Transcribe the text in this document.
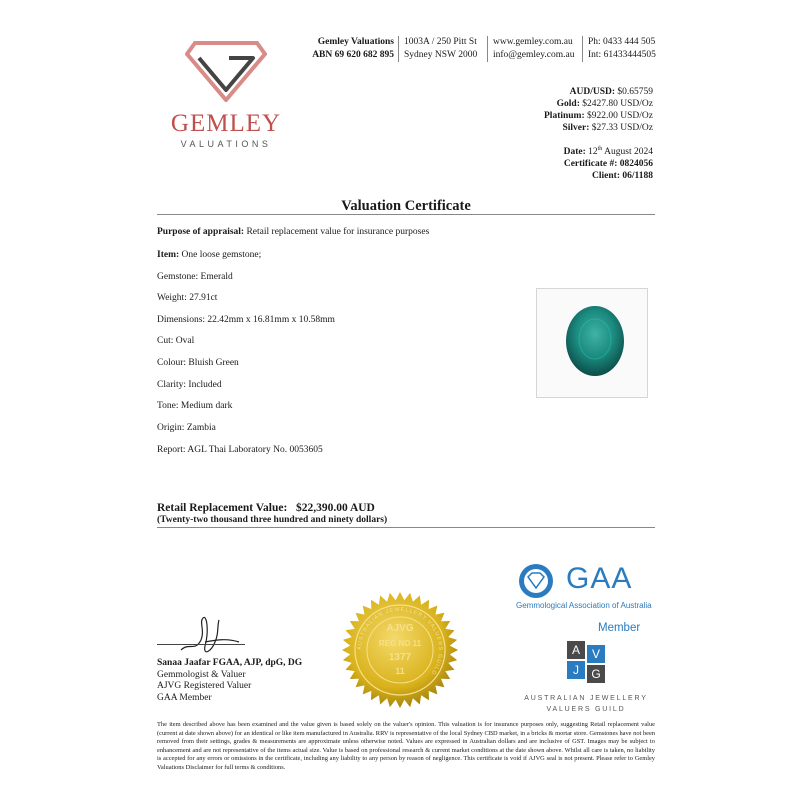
GEMLEY
VALUATIONS
Gemley Valuations
ABN 69 620 682 895
1003A / 250 Pitt St
Sydney NSW 2000
www.gemley.com.au
info@gemley.com.au
Ph: 0433 444 505
Int: 61433444505
AUD/USD: $0.65759
Gold: $2427.80 USD/Oz
Platinum: $922.00 USD/Oz
Silver: $27.33 USD/Oz
Date: 12th August 2024
Certificate #: 0824056
Client: 06/1188
Valuation Certificate
Purpose of appraisal: Retail replacement value for insurance purposes
Item: One loose gemstone;
Gemstone: Emerald
Weight: 27.91ct
Dimensions: 22.42mm x 16.81mm x 10.58mm
Cut: Oval
Colour: Bluish Green
Clarity: Included
Tone: Medium dark
Origin: Zambia
Report: AGL Thai Laboratory No. 0053605
Retail Replacement Value: $22,390.00 AUD
(Twenty-two thousand three hundred and ninety dollars)
Sanaa Jaafar FGAA, AJP, dpG, DG
Gemmologist & Valuer
AJVG Registered Valuer
GAA Member
AJVG
REG NO 11
1377
11
AUSTRALIAN JEWELLERY VALUERS GUILD
GAA
Gemmological Association of Australia
Member
A V
J	G
AUSTRALIAN JEWELLERY
VALUERS GUILD
The item described above has been examined and the value given is based solely on the valuer's opinion. This valuation is for insurance purposes only, suggesting Retail replacement value (current at date shown above) for an identical or like item manufactured in Australia. RRV is representative of the local Sydney CBD market, in a bricks & mortar store. Gemstones have not been removed from their settings, grades & measurements are approximate unless otherwise noted. Values are expressed in Australian dollars and are inclusive of GST. Images may be subject to enhancement and are not representative of the items actual size. Value is based on professional research & current market conditions at the date shown above. Whilst all care is taken, no liability is accepted for any errors or omissions in the certificate, including any liability to any person by reason of negligence. This certificate is void if AJVG seal is not present. Please refer to Gemley Valuations Disclaimer for full terms & conditions.
